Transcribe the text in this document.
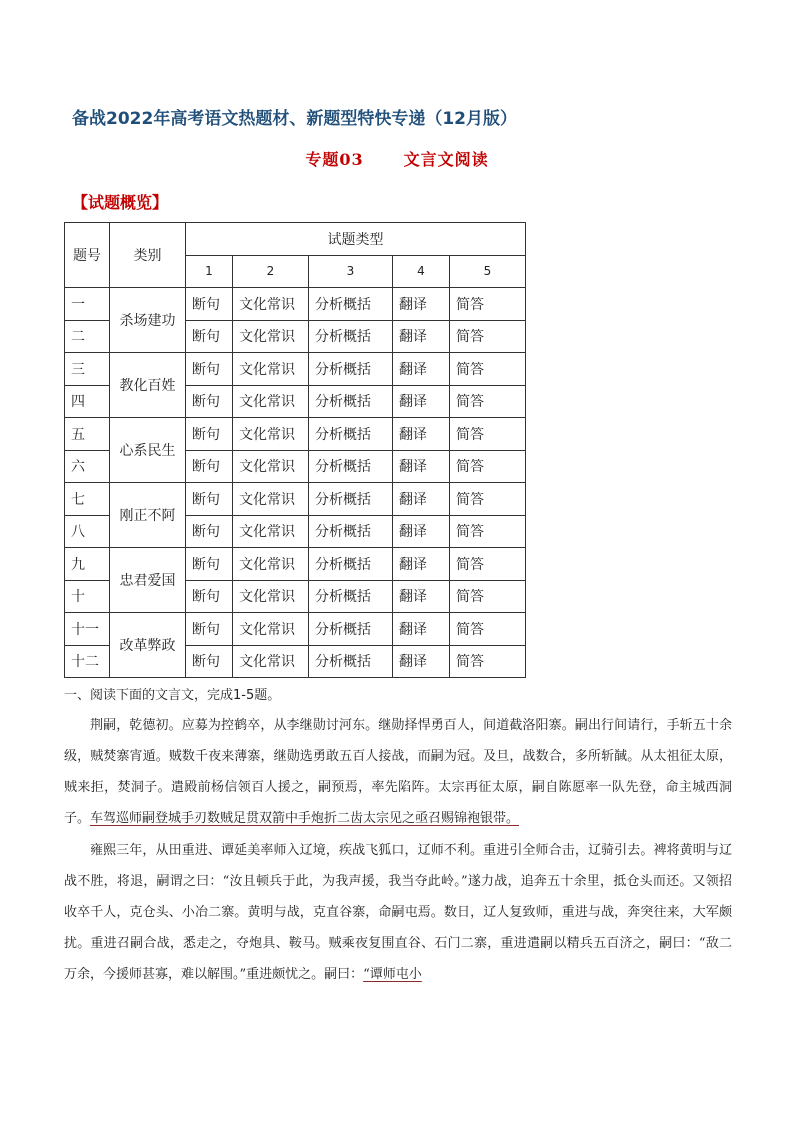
备战2022年高考语文热题材、新题型特快专递（12月版）
专题03	文言文阅读
【试题概览】
题号	类别	试题类型				
		1	2	3	4	5
一	杀场建功	断句	文化常识	分析概括	翻译	简答
二		断句	文化常识	分析概括	翻译	简答
三	教化百姓	断句	文化常识	分析概括	翻译	简答
四		断句	文化常识	分析概括	翻译	简答
五	心系民生	断句	文化常识	分析概括	翻译	简答
六		断句	文化常识	分析概括	翻译	简答
七	刚正不阿	断句	文化常识	分析概括	翻译	简答
八		断句	文化常识	分析概括	翻译	简答
九	忠君爱国	断句	文化常识	分析概括	翻译	简答
十		断句	文化常识	分析概括	翻译	简答
十一	改革弊政	断句	文化常识	分析概括	翻译	简答
十二		断句	文化常识	分析概括	翻译	简答
一、阅读下面的文言文，完成1-5题。

荆嗣，乾德初。应募为控鹤卒，从李继勋讨河东。继勋择悍勇百人，间道截洛阳寨。嗣出行间请行，手斩五十余级，贼焚寨宵遁。贼数千夜来薄寨，继勋选勇敢五百人接战，而嗣为冠。及旦，战数合，多所斩馘。从太祖征太原，贼来拒，焚洞子。遣殿前杨信领百人援之，嗣预焉，率先陷阵。太宗再征太原，嗣自陈愿率一队先登，命主城西洞子。车驾巡师嗣登城手刃数贼足贯双箭中手炮折二齿太宗见之亟召赐锦袍银带。

雍熙三年，从田重进、谭延美率师入辽境，疾战飞狐口，辽师不利。重进引全师合击，辽骑引去。裨将黄明与辽战不胜，将退，嗣谓之曰：“汝且顿兵于此，为我声援，我当夺此岭。”遂力战，追奔五十余里，抵仓头而还。又领招收卒千人，克仓头、小冶二寨。黄明与战，克直谷寨，命嗣屯焉。数日，辽人复致师，重进与战，奔突往来，大军颇扰。重进召嗣合战，悉走之，夺炮具、鞍马。贼乘夜复围直谷、石门二寨，重进遣嗣以精兵五百济之，嗣曰：“敌二万余，今援师甚寡，难以解围。”重进颇忧之。嗣曰：“谭师屯小
